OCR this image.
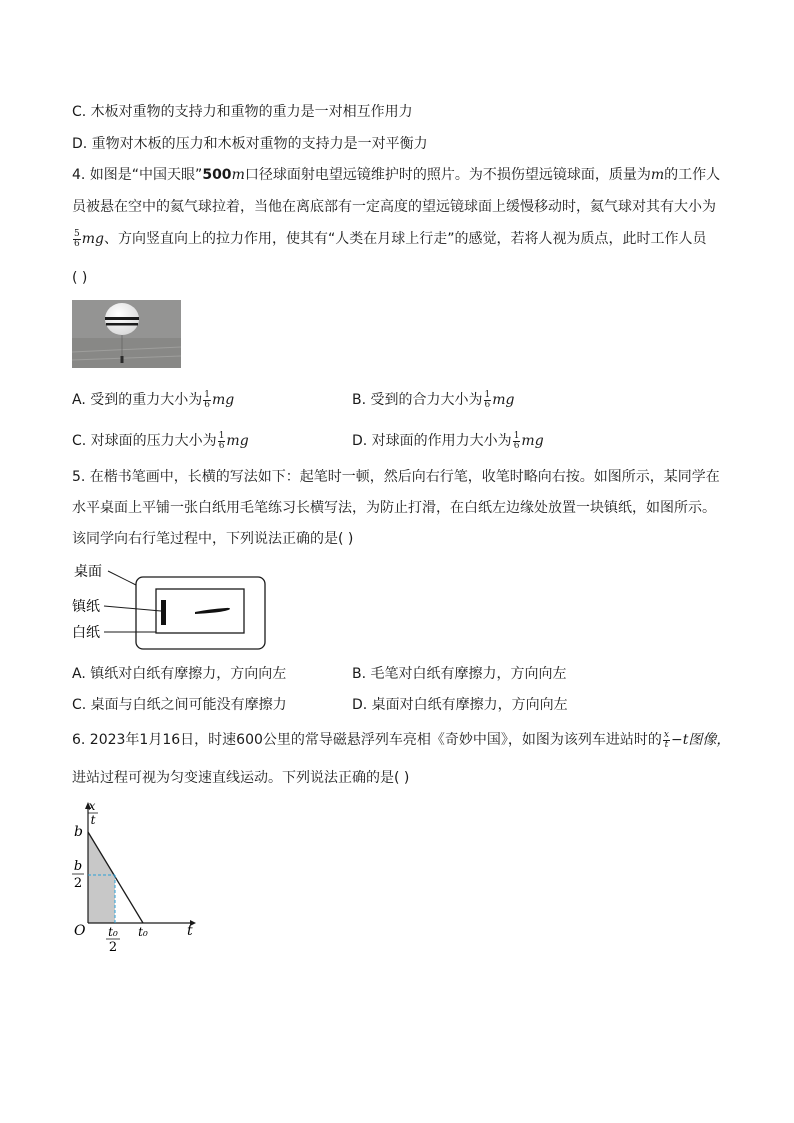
C. 木板对重物的支持力和重物的重力是一对相互作用力
D. 重物对木板的压力和木板对重物的支持力是一对平衡力
4. 如图是“中国天眼”500m口径球面射电望远镜维护时的照片。为不损伤望远镜球面，质量为m的工作人
员被悬在空中的氦气球拉着，当他在离底部有一定高度的望远镜球面上缓慢移动时，氦气球对其有大小为
$\frac{5}{6}$ mg、方向竖直向上的拉力作用，使其有“人类在月球上行走”的感觉，若将人视为质点，此时工作人员
( )
A. 受到的重力大小为 $\frac{1}{6}$ mg	B. 受到的合力大小为 $\frac{1}{6}$ mg
C. 对球面的压力大小为 $\frac{1}{6}$ mg	D. 对球面的作用力大小为 $\frac{1}{6}$ mg
5. 在楷书笔画中，长横的写法如下：起笔时一顿，然后向右行笔，收笔时略向右按。如图所示，某同学在
水平桌面上平铺一张白纸用毛笔练习长横写法，为防止打滑，在白纸左边缘处放置一块镇纸，如图所示。
该同学向右行笔过程中，下列说法正确的是( )
桌面
镇纸
白纸
A. 镇纸对白纸有摩擦力，方向向左	B. 毛笔对白纸有摩擦力，方向向左
C. 桌面与白纸之间可能没有摩擦力	D. 桌面对白纸有摩擦力，方向向左
6. 2023年1月16日，时速600公里的常导磁悬浮列车亮相《奇妙中国》，如图为该列车进站时的 $\frac{x}{t} -t$图像，
进站过程可视为匀变速直线运动。下列说法正确的是( )
x
t
b
b
2
O t₀
2
t₀	t
